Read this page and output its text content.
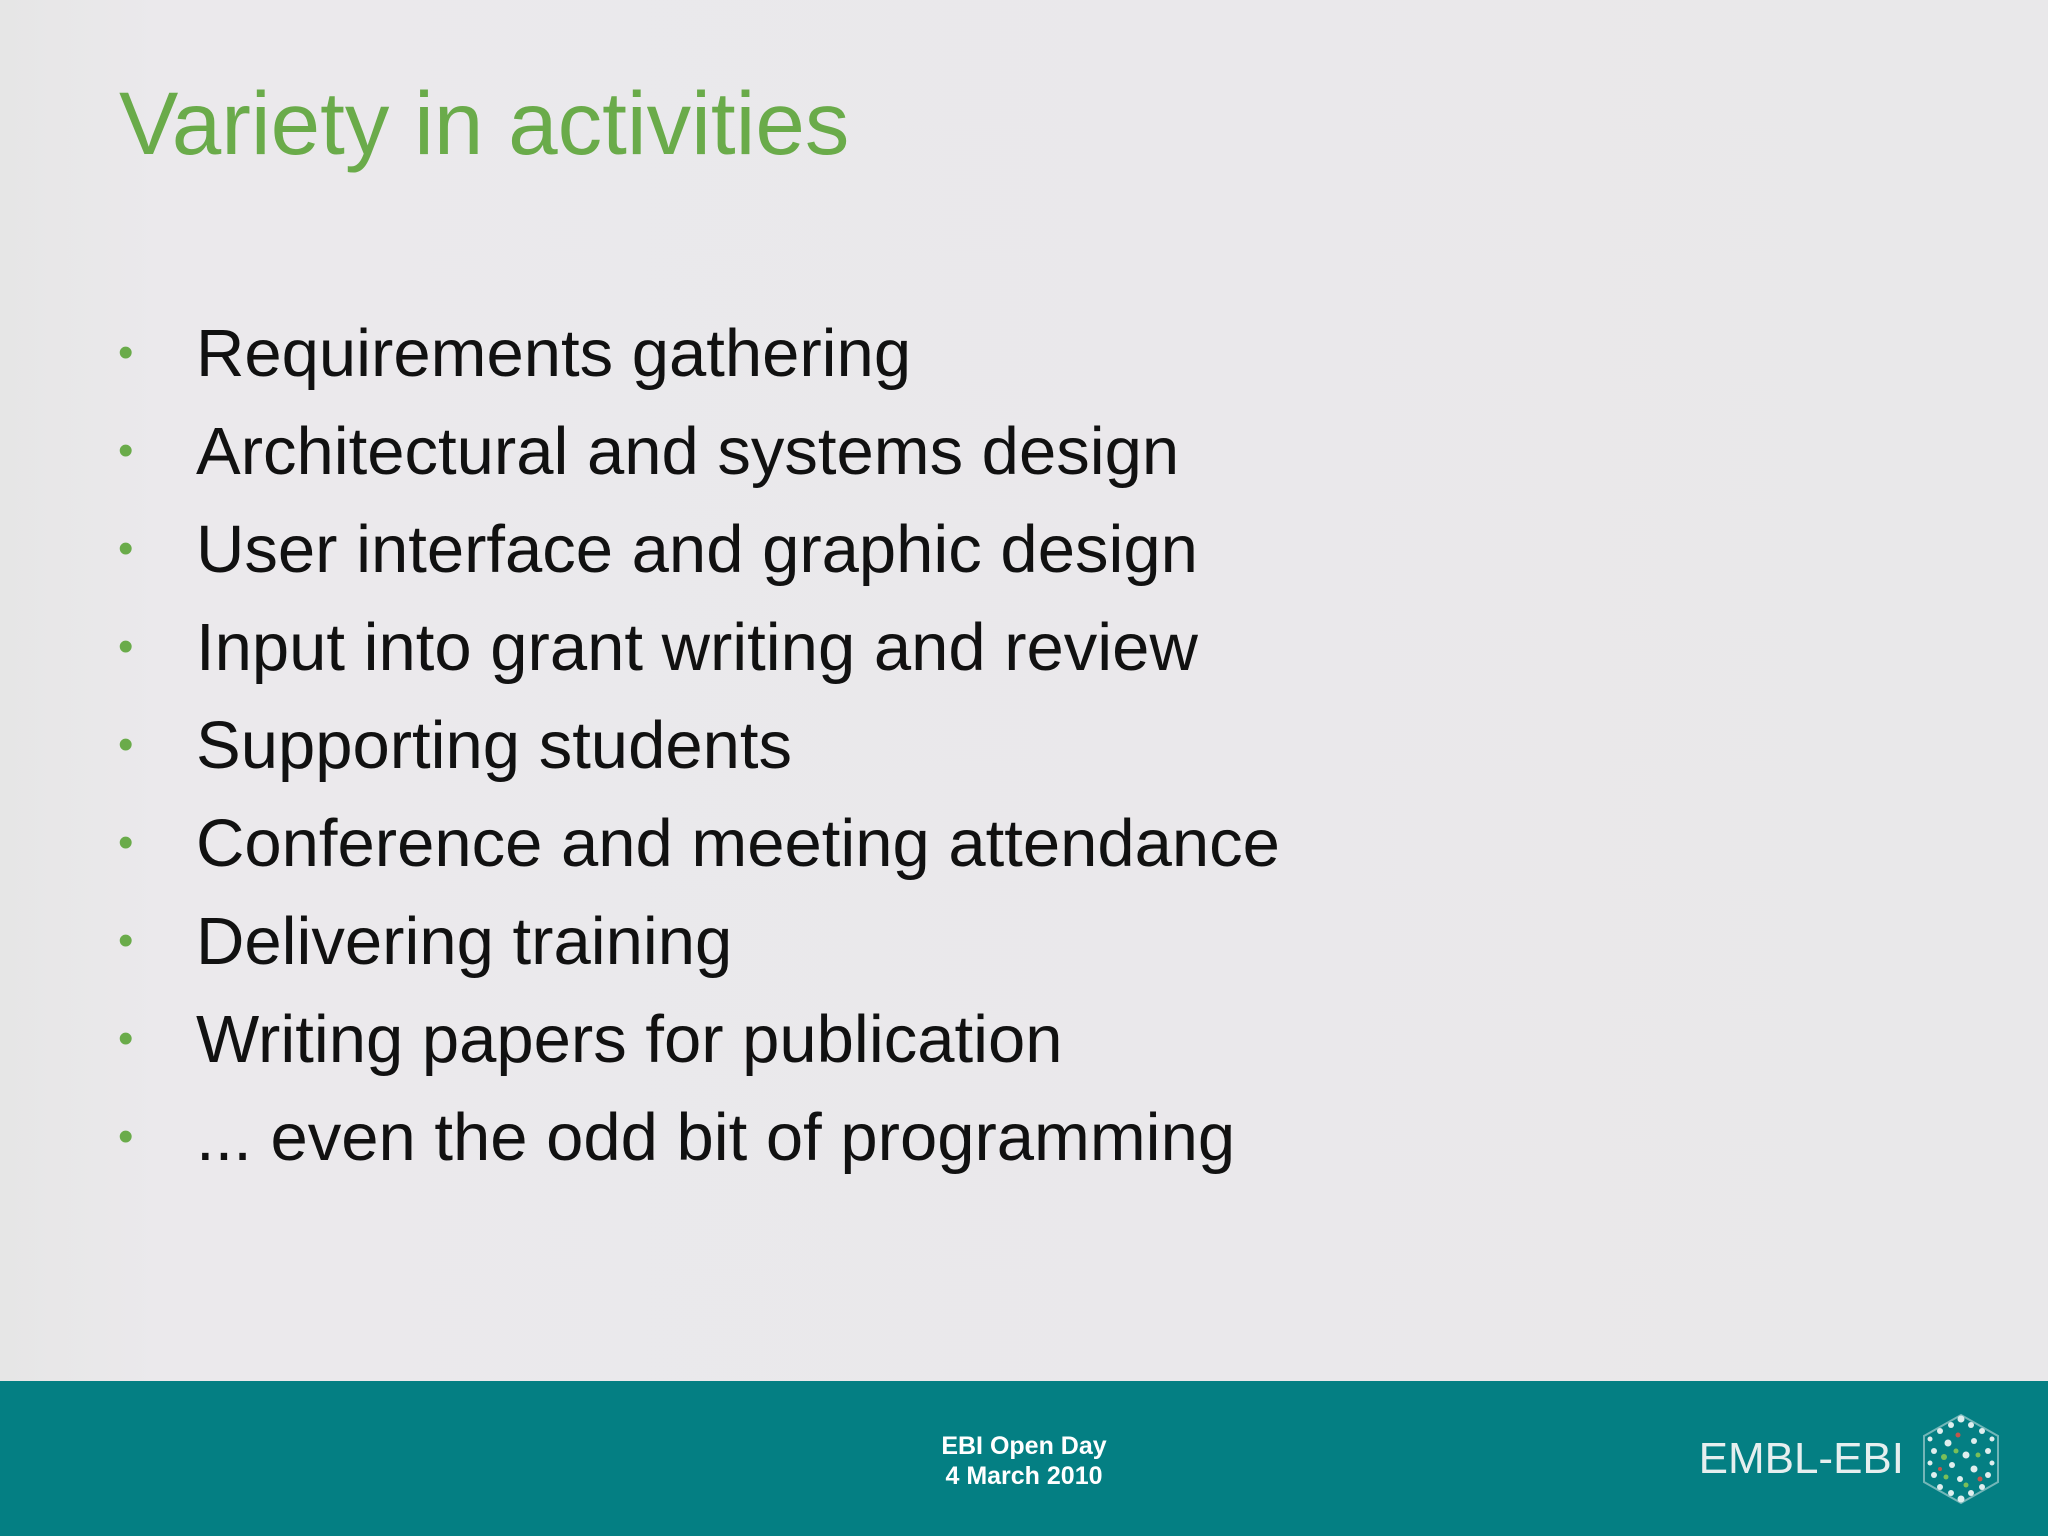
Variety in activities
• Requirements gathering
• Architectural and systems design
• User interface and graphic design
• Input into grant writing and review
• Supporting students
• Conference and meeting attendance
• Delivering training
• Writing papers for publication
• ... even the odd bit of programming
EBI Open Day
4 March 2010	EMBL-EBI
